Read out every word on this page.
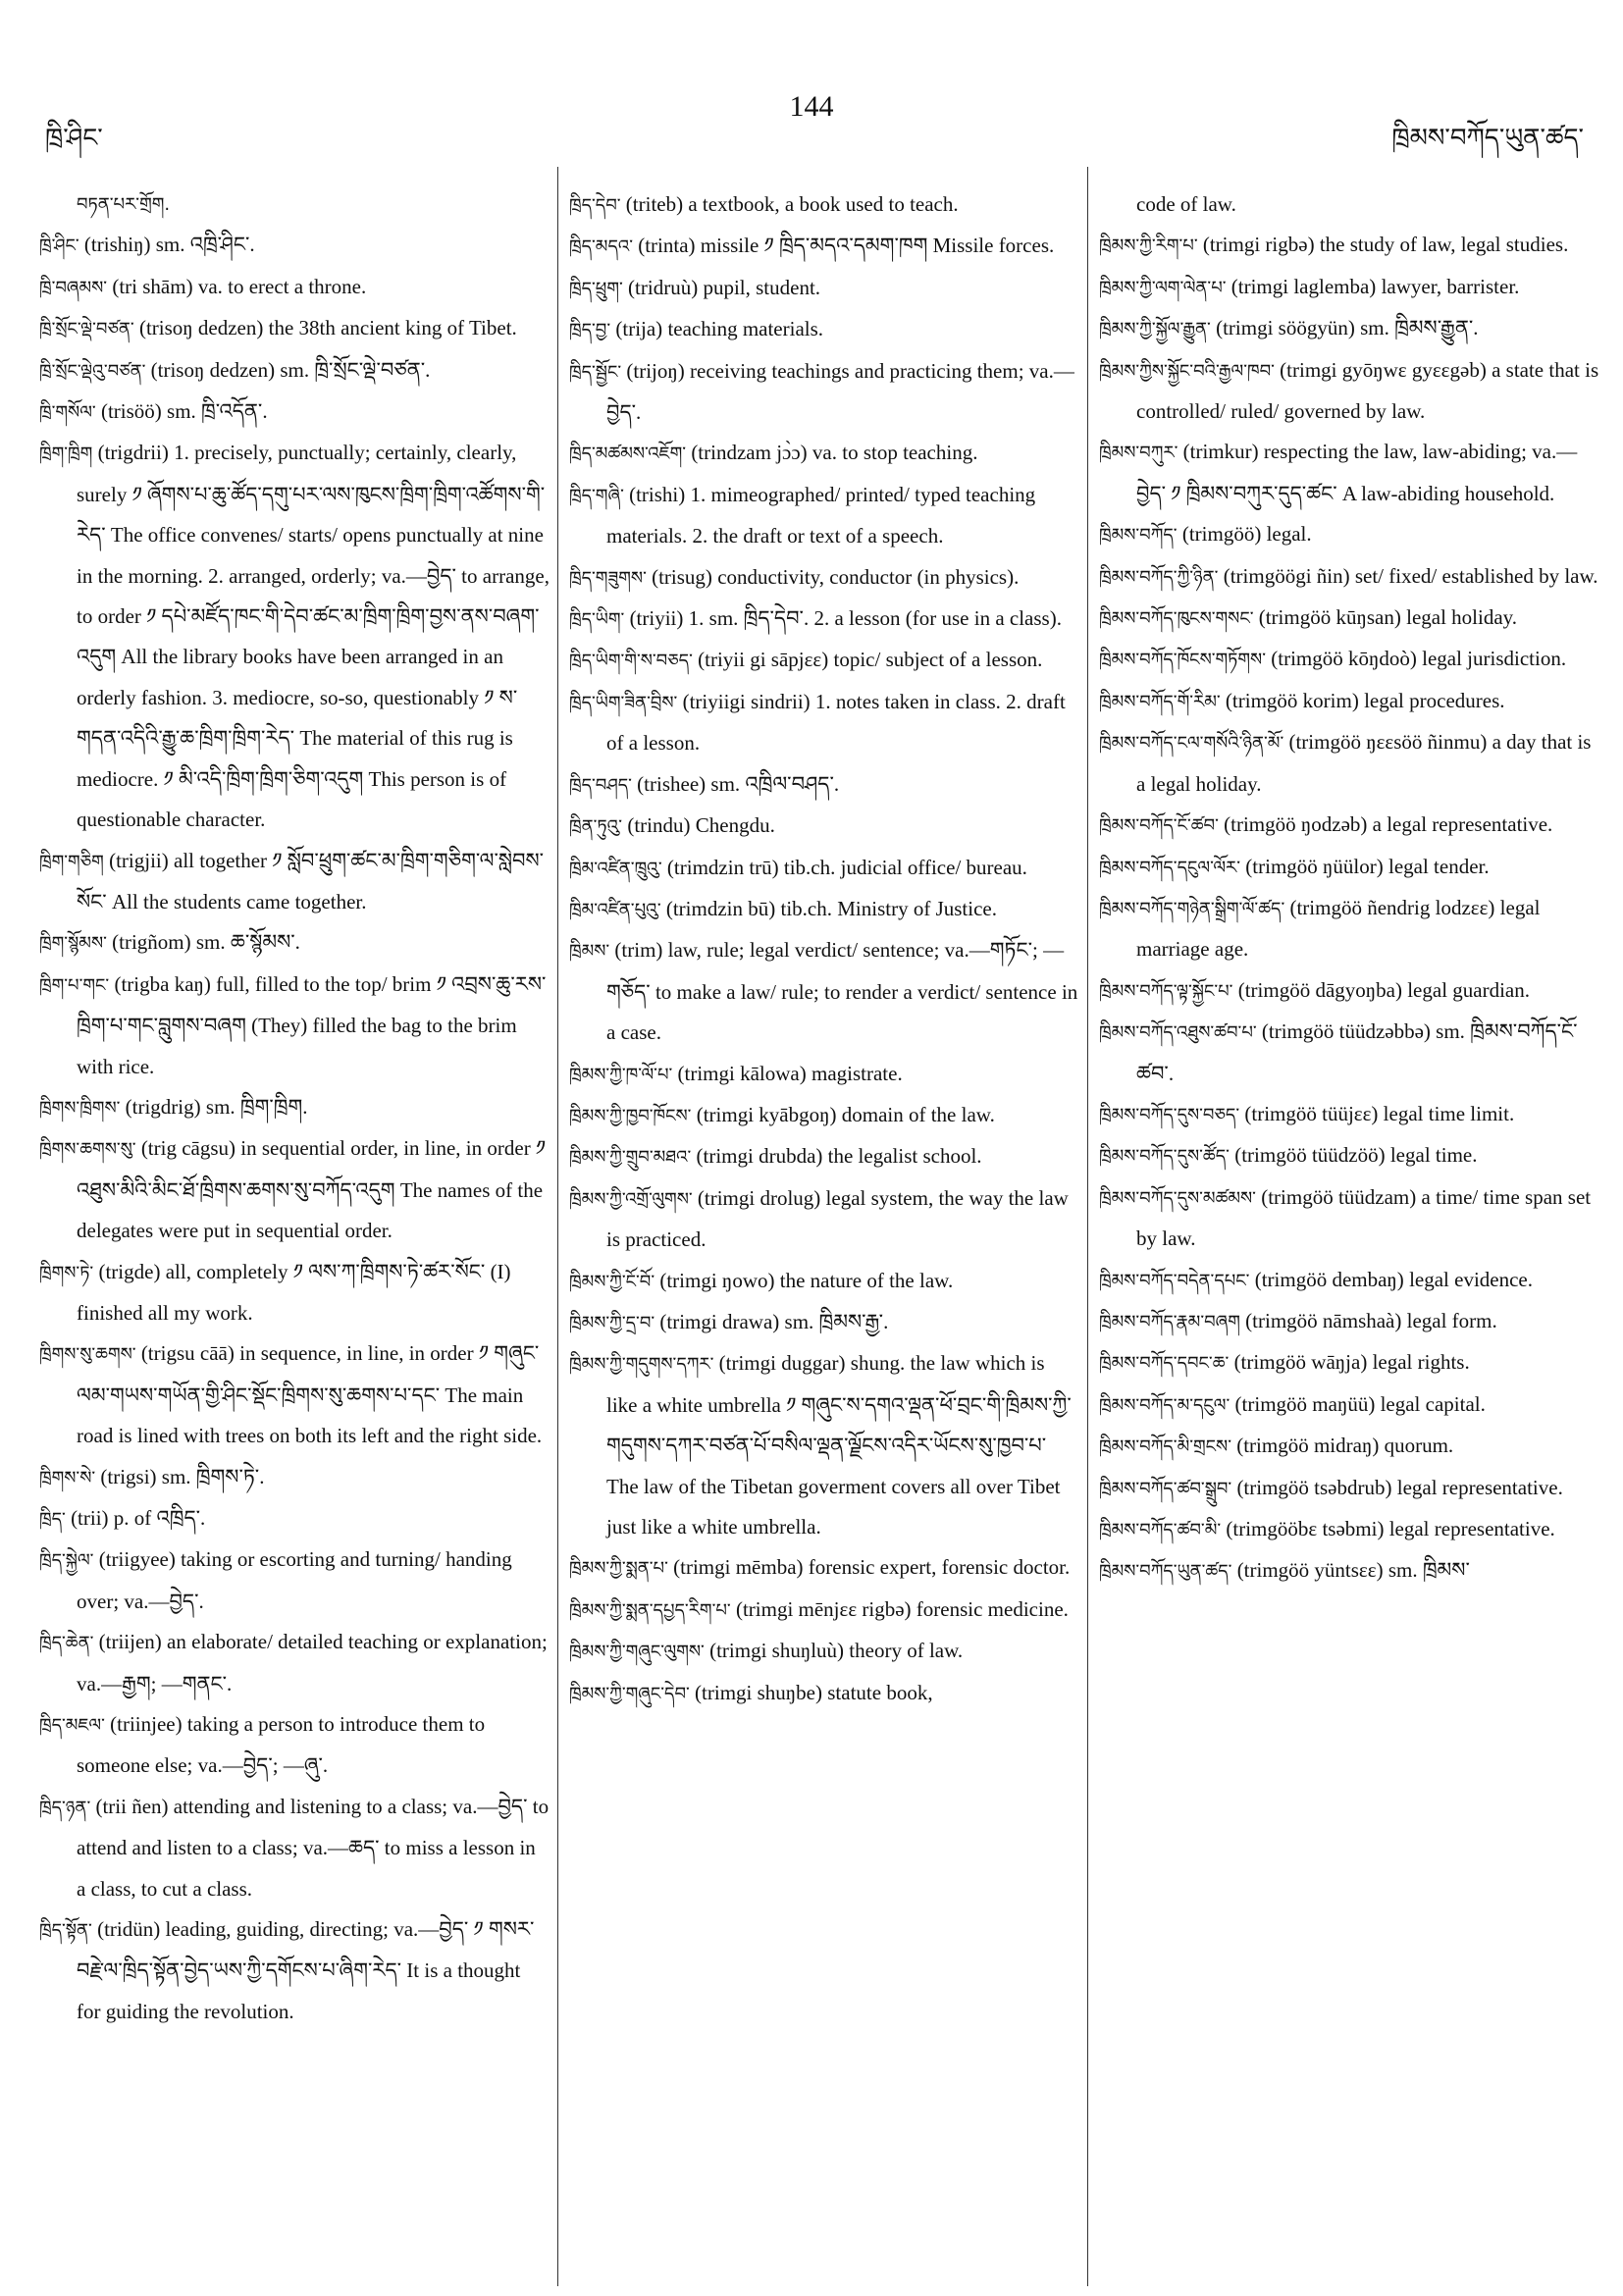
ཁྲི་ཤིང་
144
ཁྲིམས་བཀོད་ཡུན་ཚད་

བཏན་པར་གྲོག.

ཁྲི་ཤིང་ (trishiŋ) sm. འཁྲི་ཤིང་.

ཁྲི་བཞམས་ (tri shām) va. to erect a throne.

ཁྲི་སྲོང་ལྡེ་བཙན་ (trisoŋ dedzen) the 38th ancient king of Tibet.

ཁྲི་སྲོང་ལྡེའུ་བཙན་ (trisoŋ dedzen) sm. ཁྲི་སྲོང་ལྡེ་བཙན་.

ཁྲི་གསོལ་ (trisöö) sm. ཁྲི་འདོན་.

ཁྲིག་ཁྲིག (trigdrii) 1. precisely, punctually; certainly, clearly, surely ༡ ཞོགས་པ་ཆུ་ཚོད་དགུ་པར་ལས་ཁུངས་ཁྲིག་ཁྲིག་འཚོགས་གི་རེད་ The office convenes/ starts/ opens punctually at nine in the morning. 2. arranged, orderly; va.—བྱེད་ to arrange, to order ༡ དཔེ་མཛོད་ཁང་གི་དེབ་ཚང་མ་ཁྲིག་ཁྲིག་བྱས་ནས་བཞག་འདུག All the library books have been arranged in an orderly fashion. 3. mediocre, so-so, questionably ༡ ས་གདན་འདིའི་རྒྱུ་ཆ་ཁྲིག་ཁྲིག་རེད་ The material of this rug is mediocre. ༡ མི་འདི་ཁྲིག་ཁྲིག་ཅིག་འདུག This person is of questionable character.

ཁྲིག་གཅིག (trigjii) all together ༡ སློབ་ཕྲུག་ཚང་མ་ཁྲིག་གཅིག་ལ་སླེབས་སོང་ All the students came together.

ཁྲིག་སྙོམས་ (trigñom) sm. ཆ་སྙོམས་.

ཁྲིག་པ་གང་ (trigba kaŋ) full, filled to the top/ brim ༡ འབྲས་ཆུ་རས་ཁྲིག་པ་གང་བླུགས་བཞག (They) filled the bag to the brim with rice.

ཁྲིགས་ཁྲིགས་ (trigdrig) sm. ཁྲིག་ཁྲིག.

ཁྲིགས་ཆགས་སུ་ (trig cāgsu) in sequential order, in line, in order ༡ འཐུས་མིའི་མིང་ཐོ་ཁྲིགས་ཆགས་སུ་བཀོད་འདུག The names of the delegates were put in sequential order.

ཁྲིགས་ཏེ་ (trigde) all, completely ༡ ལས་ཀ་ཁྲིགས་ཏེ་ཚར་སོང་ (I) finished all my work.

ཁྲིགས་སུ་ཆགས་ (trigsu cāā) in sequence, in line, in order ༡ གཞུང་ལམ་གཡས་གཡོན་གྱི་ཤིང་སྡོང་ཁྲིགས་སུ་ཆགས་པ་དང་ The main road is lined with trees on both its left and the right side.

ཁྲིགས་སེ་ (trigsi) sm. ཁྲིགས་ཏེ་.

ཁྲིད་ (trii) p. of འཁྲིད་.

ཁྲིད་སྐྱེལ་ (triigyee) taking or escorting and turning/ handing over; va.—བྱེད་.

ཁྲིད་ཆེན་ (triijen) an elaborate/ detailed teaching or explanation; va.—རྒྱག; —གནང་.

ཁྲིད་མཇལ་ (triinjee) taking a person to introduce them to someone else; va.—བྱེད་; —ཞུ་.

ཁྲིད་ཉན་ (trii ñen) attending and listening to a class; va.—བྱེད་ to attend and listen to a class; va.—ཆད་ to miss a lesson in a class, to cut a class.

ཁྲིད་སྟོན་ (tridün) leading, guiding, directing; va.—བྱེད་ ༡ གསར་བརྗེ་ལ་ཁྲིད་སྟོན་བྱེད་ཡས་ཀྱི་དགོངས་པ་ཞིག་རེད་ It is a thought for guiding the revolution.

ཁྲིད་དེབ་ (triteb) a textbook, a book used to teach.

ཁྲིད་མདའ་ (trinta) missile ༡ ཁྲིད་མདའ་དམག་ཁག Missile forces.

ཁྲིད་ཕྲུག་ (tridruù) pupil, student.

ཁྲིད་བྱ་ (trija) teaching materials.

ཁྲིད་སྦྱོང་ (trijoŋ) receiving teachings and practicing them; va.—བྱེད་.

ཁྲིད་མཚམས་འཇོག་ (trindzam jɔ̀ɔ) va. to stop teaching.

ཁྲིད་གཞི་ (trishi) 1. mimeographed/ printed/ typed teaching materials. 2. the draft or text of a speech.

ཁྲིད་གཟུགས་ (trisug) conductivity, conductor (in physics).

ཁྲིད་ཡིག་ (triyii) 1. sm. ཁྲིད་དེབ་. 2. a lesson (for use in a class).

ཁྲིད་ཡིག་གི་ས་བཅད་ (triyii gi sāpjɛɛ) topic/ subject of a lesson.

ཁྲིད་ཡིག་ཟིན་བྲིས་ (triyiigi sindrii) 1. notes taken in class. 2. draft of a lesson.

ཁྲིད་བཤད་ (trishee) sm. འཁྲིལ་བཤད་.

ཁྲིན་ཏུའུ་ (trindu) Chengdu.

ཁྲིམ་འཛིན་ཁྲུའུ་ (trimdzin trū) tib.ch. judicial office/ bureau.

ཁྲིམ་འཛིན་པུའུ་ (trimdzin bū) tib.ch. Ministry of Justice.

ཁྲིམས་ (trim) law, rule; legal verdict/ sentence; va.—གཏོང་; —གཅོད་ to make a law/ rule; to render a verdict/ sentence in a case.

ཁྲིམས་ཀྱི་ཁ་ལོ་པ་ (trimgi kālowa) magistrate.

ཁྲིམས་ཀྱི་ཁྱབ་ཁོངས་ (trimgi kyābgoŋ) domain of the law.

ཁྲིམས་ཀྱི་གྲུབ་མཐའ་ (trimgi drubda) the legalist school.

ཁྲིམས་ཀྱི་འགྲོ་ལུགས་ (trimgi drolug) legal system, the way the law is practiced.

ཁྲིམས་ཀྱི་ངོ་བོ་ (trimgi ŋowo) the nature of the law.

ཁྲིམས་ཀྱི་དྲ་བ་ (trimgi drawa) sm. ཁྲིམས་རྒྱ་.

ཁྲིམས་ཀྱི་གདུགས་དཀར་ (trimgi duggar) shung. the law which is like a white umbrella ༡ གཞུང་ས་དགའ་ལྡན་ཕོ་བྲང་གི་ཁྲིམས་ཀྱི་གདུགས་དཀར་བཙན་པོ་བསིལ་ལྡན་ལྗོངས་འདིར་ཡོངས་སུ་ཁྱབ་པ་ The law of the Tibetan goverment covers all over Tibet just like a white umbrella.

ཁྲིམས་ཀྱི་སྨན་པ་ (trimgi mēmba) forensic expert, forensic doctor.

ཁྲིམས་ཀྱི་སྨན་དཔྱད་རིག་པ་ (trimgi mēnjɛɛ rigbə) forensic medicine.

ཁྲིམས་ཀྱི་གཞུང་ལུགས་ (trimgi shuŋluù) theory of law.

ཁྲིམས་ཀྱི་གཞུང་དེབ་ (trimgi shuŋbe) statute book,

code of law.

ཁྲིམས་ཀྱི་རིག་པ་ (trimgi rigbə) the study of law, legal studies.

ཁྲིམས་ཀྱི་ལག་ལེན་པ་ (trimgi laglemba) lawyer, barrister.

ཁྲིམས་ཀྱི་སྐྱོལ་རྒྱུན་ (trimgi söögyün) sm. ཁྲིམས་རྒྱུན་.

ཁྲིམས་ཀྱིས་སྐྱོང་བའི་རྒྱལ་ཁབ་ (trimgi gyōŋwɛ gyɛɛgəb) a state that is controlled/ ruled/ governed by law.

ཁྲིམས་བཀུར་ (trimkur) respecting the law, law-abiding; va.—བྱེད་ ༡ ཁྲིམས་བཀུར་དུད་ཚང་ A law-abiding household.

ཁྲིམས་བཀོད་ (trimgöö) legal.

ཁྲིམས་བཀོད་ཀྱི་ཉིན་ (trimgöögi ñin) set/ fixed/ established by law.

ཁྲིམས་བཀོད་ཁུངས་གསང་ (trimgöö kūŋsan) legal holiday.

ཁྲིམས་བཀོད་ཁོངས་གཏོགས་ (trimgöö kōŋdoò) legal jurisdiction.

ཁྲིམས་བཀོད་གོ་རིམ་ (trimgöö korim) legal procedures.

ཁྲིམས་བཀོད་ངལ་གསོའི་ཉིན་མོ་ (trimgöö ŋɛɛsöö ñinmu) a day that is a legal holiday.

ཁྲིམས་བཀོད་ངོ་ཚབ་ (trimgöö ŋodzəb) a legal representative.

ཁྲིམས་བཀོད་དངུལ་ལོར་ (trimgöö ŋüülor) legal tender.

ཁྲིམས་བཀོད་གཉེན་སྒྲིག་ལོ་ཚད་ (trimgöö ñendrig lodzɛɛ) legal marriage age.

ཁྲིམས་བཀོད་ལྟ་སྐྱོང་པ་ (trimgöö dāgyoŋba) legal guardian.

ཁྲིམས་བཀོད་འཐུས་ཚབ་པ་ (trimgöö tüüdzəbbə) sm. ཁྲིམས་བཀོད་ངོ་ཚབ་.

ཁྲིམས་བཀོད་དུས་བཅད་ (trimgöö tüüjɛɛ) legal time limit.

ཁྲིམས་བཀོད་དུས་ཚོད་ (trimgöö tüüdzöö) legal time.

ཁྲིམས་བཀོད་དུས་མཚམས་ (trimgöö tüüdzam) a time/ time span set by law.

ཁྲིམས་བཀོད་བདེན་དཔང་ (trimgöö dembaŋ) legal evidence.

ཁྲིམས་བཀོད་རྣམ་བཞག (trimgöö nāmshaà) legal form.

ཁྲིམས་བཀོད་དབང་ཆ་ (trimgöö wāŋja) legal rights.

ཁྲིམས་བཀོད་མ་དངུལ་ (trimgöö maŋüü) legal capital.

ཁྲིམས་བཀོད་མི་གྲངས་ (trimgöö midraŋ) quorum.

ཁྲིམས་བཀོད་ཚབ་སྒྲུབ་ (trimgöö tsəbdrub) legal representative.

ཁྲིམས་བཀོད་ཚབ་མི་ (trimgööbɛ tsəbmi) legal representative.

ཁྲིམས་བཀོད་ཡུན་ཚད་ (trimgöö yüntsɛɛ) sm. ཁྲིམས་
